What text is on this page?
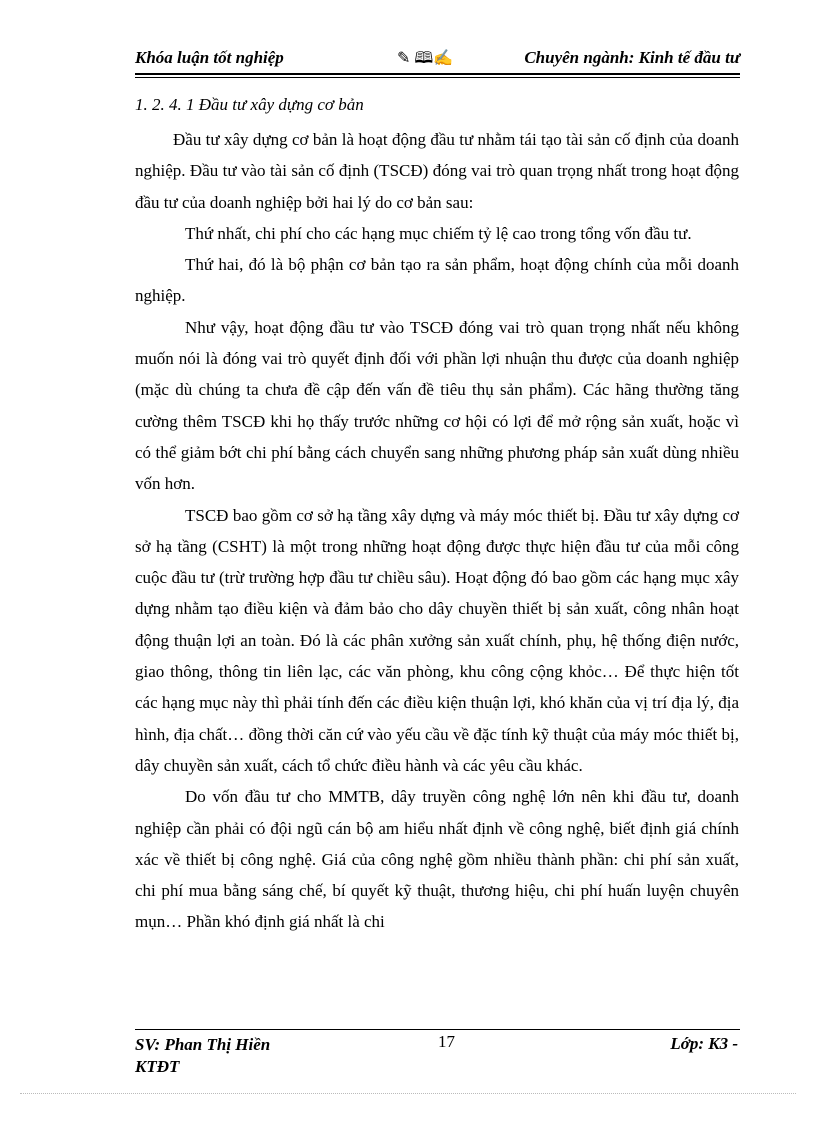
Khóa luận tốt nghiệp	✎ 🕮✍	Chuyên ngành: Kinh tế đầu tư
1. 2. 4. 1 Đầu tư xây dựng cơ bản

Đầu tư xây dựng cơ bản là hoạt động đầu tư nhằm tái tạo tài sản cố định của doanh nghiệp. Đầu tư vào tài sản cố định (TSCĐ) đóng vai trò quan trọng nhất trong hoạt động đầu tư của doanh nghiệp bởi hai lý do cơ bản sau:

Thứ nhất, chi phí cho các hạng mục chiếm tỷ lệ cao trong tổng vốn đầu tư.

Thứ hai, đó là bộ phận cơ bản tạo ra sản phẩm, hoạt động chính của mỗi doanh nghiệp.

Như vậy, hoạt động đầu tư vào TSCĐ đóng vai trò quan trọng nhất nếu không muốn nói là đóng vai trò quyết định đối với phần lợi nhuận thu được của doanh nghiệp (mặc dù chúng ta chưa đề cập đến vấn đề tiêu thụ sản phẩm). Các hãng thường tăng cường thêm TSCĐ khi họ thấy trước những cơ hội có lợi để mở rộng sản xuất, hoặc vì có thể giảm bớt chi phí bằng cách chuyển sang những phương pháp sản xuất dùng nhiều vốn hơn.

TSCĐ bao gồm cơ sở hạ tầng xây dựng và máy móc thiết bị. Đầu tư xây dựng cơ sở hạ tầng (CSHT) là một trong những hoạt động được thực hiện đầu tư của mỗi công cuộc đầu tư (trừ trường hợp đầu tư chiều sâu). Hoạt động đó bao gồm các hạng mục xây dựng nhằm tạo điều kiện và đảm bảo cho dây chuyền thiết bị sản xuất, công nhân hoạt động thuận lợi an toàn. Đó là các phân xưởng sản xuất chính, phụ, hệ thống điện nước, giao thông, thông tin liên lạc, các văn phòng, khu công cộng khỏc… Để thực hiện tốt các hạng mục này thì phải tính đến các điều kiện thuận lợi, khó khăn của vị trí địa lý, địa hình, địa chất… đồng thời căn cứ vào yếu cầu về đặc tính kỹ thuật của máy móc thiết bị, dây chuyền sản xuất, cách tổ chức điều hành và các yêu cầu khác.

Do vốn đầu tư cho MMTB, dây truyền công nghệ lớn nên khi đầu tư, doanh nghiệp cần phải có đội ngũ cán bộ am hiểu nhất định về công nghệ, biết định giá chính xác về thiết bị công nghệ. Giá của công nghệ gồm nhiều thành phần: chi phí sản xuất, chi phí mua bằng sáng chế, bí quyết kỹ thuật, thương hiệu, chi phí huấn luyện chuyên mụn… Phần khó định giá nhất là chi

SV: Phan Thị Hiền
KTĐT
17	Lớp: K3 -
